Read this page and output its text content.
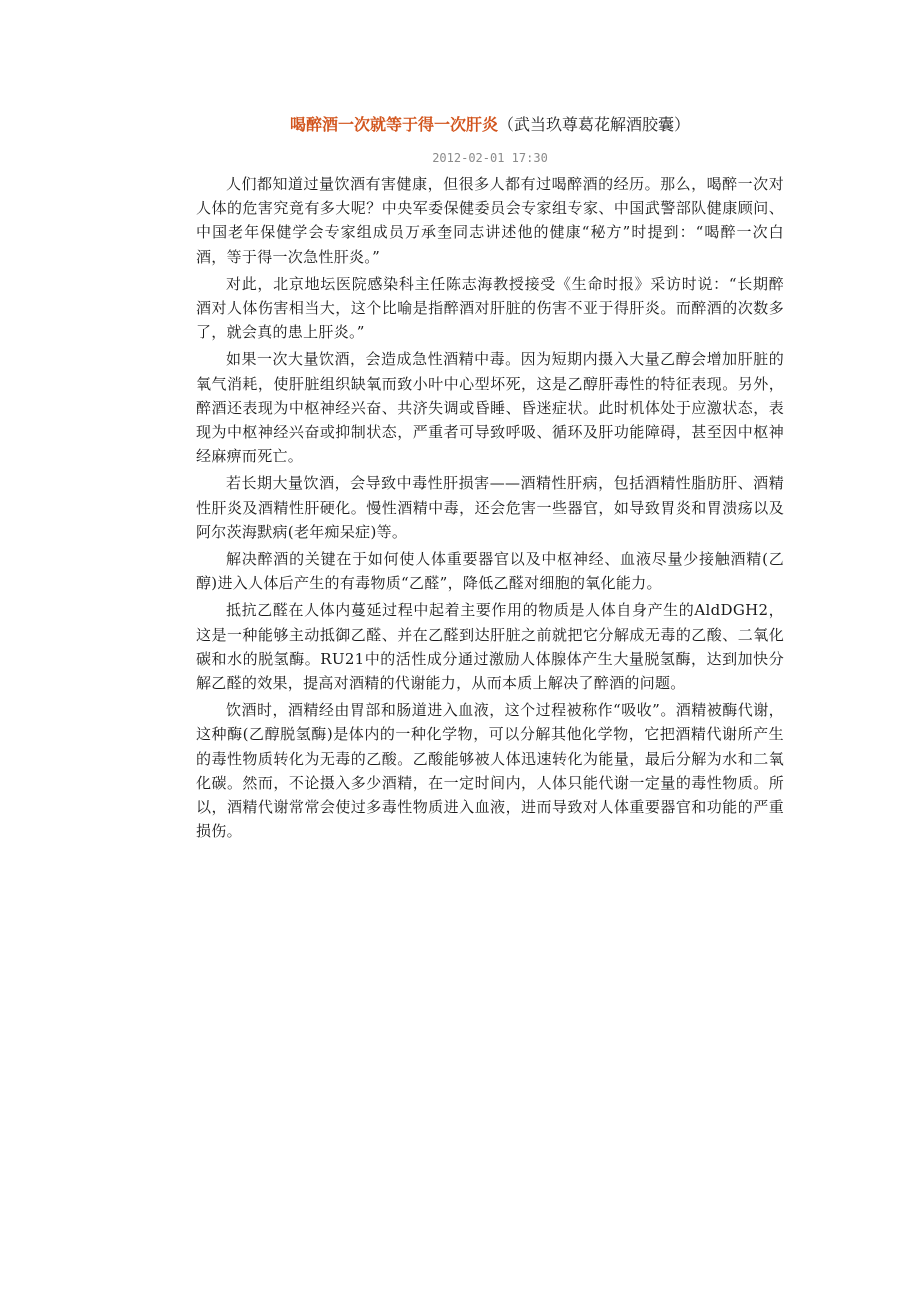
喝醉酒一次就等于得一次肝炎（武当玖尊葛花解酒胶囊）
2012-02-01 17:30

人们都知道过量饮酒有害健康，但很多人都有过喝醉酒的经历。那么，喝醉一次对人体的危害究竟有多大呢？中央军委保健委员会专家组专家、中国武警部队健康顾问、中国老年保健学会专家组成员万承奎同志讲述他的健康“秘方”时提到：“喝醉一次白酒，等于得一次急性肝炎。”

对此，北京地坛医院感染科主任陈志海教授接受《生命时报》采访时说：“长期醉酒对人体伤害相当大，这个比喻是指醉酒对肝脏的伤害不亚于得肝炎。而醉酒的次数多了，就会真的患上肝炎。”

如果一次大量饮酒，会造成急性酒精中毒。因为短期内摄入大量乙醇会增加肝脏的氧气消耗，使肝脏组织缺氧而致小叶中心型坏死，这是乙醇肝毒性的特征表现。另外，醉酒还表现为中枢神经兴奋、共济失调或昏睡、昏迷症状。此时机体处于应激状态，表现为中枢神经兴奋或抑制状态，严重者可导致呼吸、循环及肝功能障碍，甚至因中枢神经麻痹而死亡。

若长期大量饮酒，会导致中毒性肝损害——酒精性肝病，包括酒精性脂肪肝、酒精性肝炎及酒精性肝硬化。慢性酒精中毒，还会危害一些器官，如导致胃炎和胃溃疡以及阿尔茨海默病(老年痴呆症)等。

解决醉酒的关键在于如何使人体重要器官以及中枢神经、血液尽量少接触酒精(乙醇)进入人体后产生的有毒物质“乙醛”，降低乙醛对细胞的氧化能力。

抵抗乙醛在人体内蔓延过程中起着主要作用的物质是人体自身产生的AldDGH2，这是一种能够主动抵御乙醛、并在乙醛到达肝脏之前就把它分解成无毒的乙酸、二氧化碳和水的脱氢酶。RU21中的活性成分通过激励人体腺体产生大量脱氢酶，达到加快分解乙醛的效果，提高对酒精的代谢能力，从而本质上解决了醉酒的问题。

饮酒时，酒精经由胃部和肠道进入血液，这个过程被称作“吸收”。酒精被酶代谢，这种酶(乙醇脱氢酶)是体内的一种化学物，可以分解其他化学物，它把酒精代谢所产生的毒性物质转化为无毒的乙酸。乙酸能够被人体迅速转化为能量，最后分解为水和二氧化碳。然而，不论摄入多少酒精，在一定时间内，人体只能代谢一定量的毒性物质。所以，酒精代谢常常会使过多毒性物质进入血液，进而导致对人体重要器官和功能的严重损伤。
